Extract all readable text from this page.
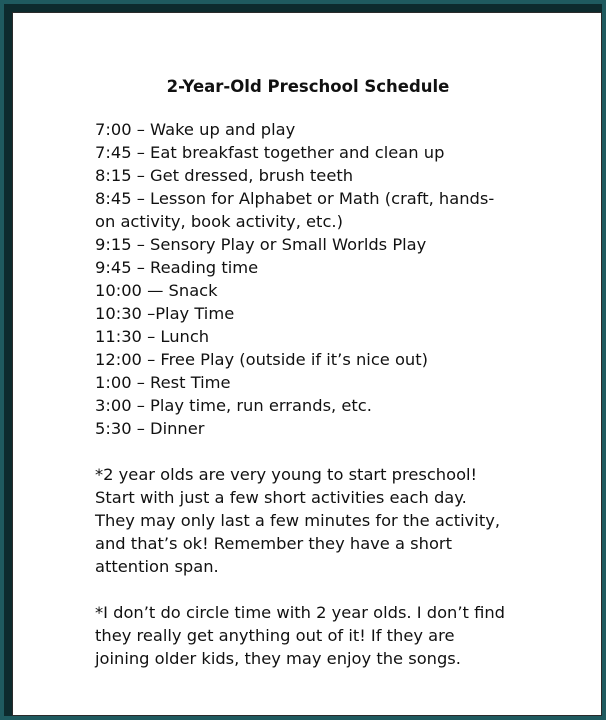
2-Year-Old Preschool Schedule
7:00 – Wake up and play
7:45 – Eat breakfast together and clean up
8:15 – Get dressed, brush teeth
8:45 – Lesson for Alphabet or Math (craft, hands-
on activity, book activity, etc.)
9:15 – Sensory Play or Small Worlds Play
9:45 – Reading time
10:00 — Snack
10:30 –Play Time
11:30 – Lunch
12:00 – Free Play (outside if it’s nice out)
1:00 – Rest Time
3:00 – Play time, run errands, etc.
5:30 – Dinner
*2 year olds are very young to start preschool!
Start with just a few short activities each day.
They may only last a few minutes for the activity,
and that’s ok! Remember they have a short
attention span.
*I don’t do circle time with 2 year olds. I don’t find
they really get anything out of it! If they are
joining older kids, they may enjoy the songs.
